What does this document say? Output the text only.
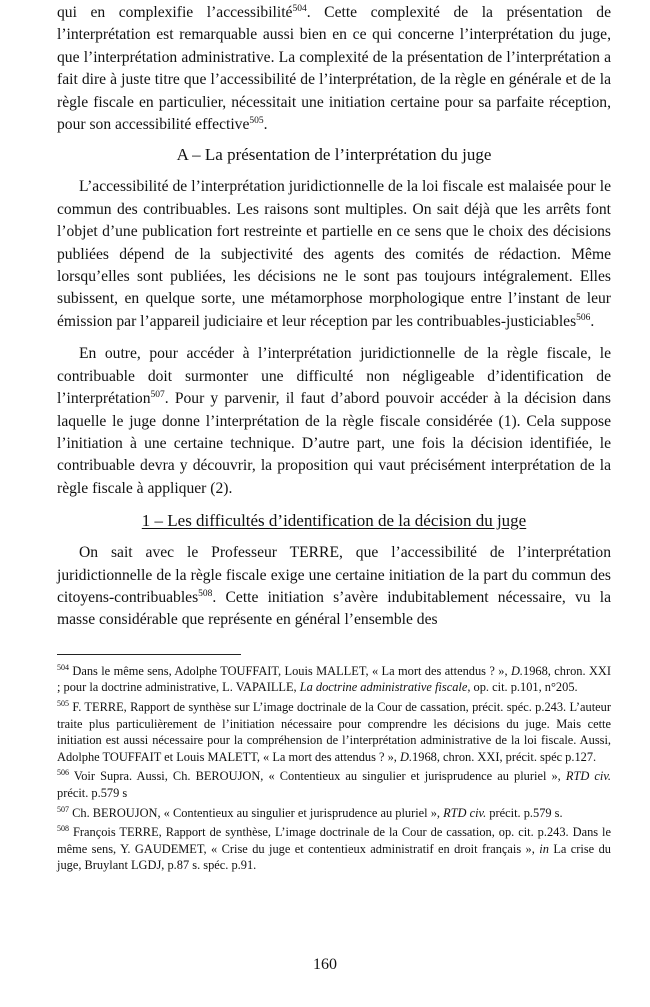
qui en complexifie l’accessibilité$^{504}$. Cette complexité de la présentation de l’interprétation est remarquable aussi bien en ce qui concerne l’interprétation du juge, que l’interprétation administrative. La complexité de la présentation de l’interprétation a fait dire à juste titre que l’accessibilité de l’interprétation, de la règle en générale et de la règle fiscale en particulier, nécessitait une initiation certaine pour sa parfaite réception, pour son accessibilité effective$^{505}$.

A – La présentation de l’interprétation du juge

L’accessibilité de l’interprétation juridictionnelle de la loi fiscale est malaisée pour le commun des contribuables. Les raisons sont multiples. On sait déjà que les arrêts font l’objet d’une publication fort restreinte et partielle en ce sens que le choix des décisions publiées dépend de la subjectivité des agents des comités de rédaction. Même lorsqu’elles sont publiées, les décisions ne le sont pas toujours intégralement. Elles subissent, en quelque sorte, une métamorphose morphologique entre l’instant de leur émission par l’appareil judiciaire et leur réception par les contribuables-justiciables$^{506}$.

En outre, pour accéder à l’interprétation juridictionnelle de la règle fiscale, le contribuable doit surmonter une difficulté non négligeable d’identification de l’interprétation$^{507}$. Pour y parvenir, il faut d’abord pouvoir accéder à la décision dans laquelle le juge donne l’interprétation de la règle fiscale considérée (1). Cela suppose l’initiation à une certaine technique. D’autre part, une fois la décision identifiée, le contribuable devra y découvrir, la proposition qui vaut précisément interprétation de la règle fiscale à appliquer (2).

1 – Les difficultés d’identification de la décision du juge

On sait avec le Professeur TERRE, que l’accessibilité de l’interprétation juridictionnelle de la règle fiscale exige une certaine initiation de la part du commun des citoyens-contribuables$^{508}$. Cette initiation s’avère indubitablement nécessaire, vu la masse considérable que représente en général l’ensemble des

$^{504}$ Dans le même sens, Adolphe TOUFFAIT, Louis MALLET, « La mort des attendus ? », D.1968, chron. XXI ; pour la doctrine administrative, L. VAPAILLE, La doctrine administrative fiscale, op. cit. p.101, n°205.

$^{505}$ F. TERRE, Rapport de synthèse sur L’image doctrinale de la Cour de cassation, précit. spéc. p.243. L’auteur traite plus particulièrement de l’initiation nécessaire pour comprendre les décisions du juge. Mais cette initiation est aussi nécessaire pour la compréhension de l’interprétation administrative de la loi fiscale. Aussi, Adolphe TOUFFAIT et Louis MALETT, « La mort des attendus ? », D.1968, chron. XXI, précit. spéc p.127.

$^{506}$ Voir Supra. Aussi, Ch. BEROUJON, « Contentieux au singulier et jurisprudence au pluriel », RTD civ. précit. p.579 s

$^{507}$ Ch. BEROUJON, « Contentieux au singulier et jurisprudence au pluriel », RTD civ. précit. p.579 s.

$^{508}$ François TERRE, Rapport de synthèse, L’image doctrinale de la Cour de cassation, op. cit. p.243. Dans le même sens, Y. GAUDEMET, « Crise du juge et contentieux administratif en droit français », in La crise du juge, Bruylant LGDJ, p.87 s. spéc. p.91.

160
